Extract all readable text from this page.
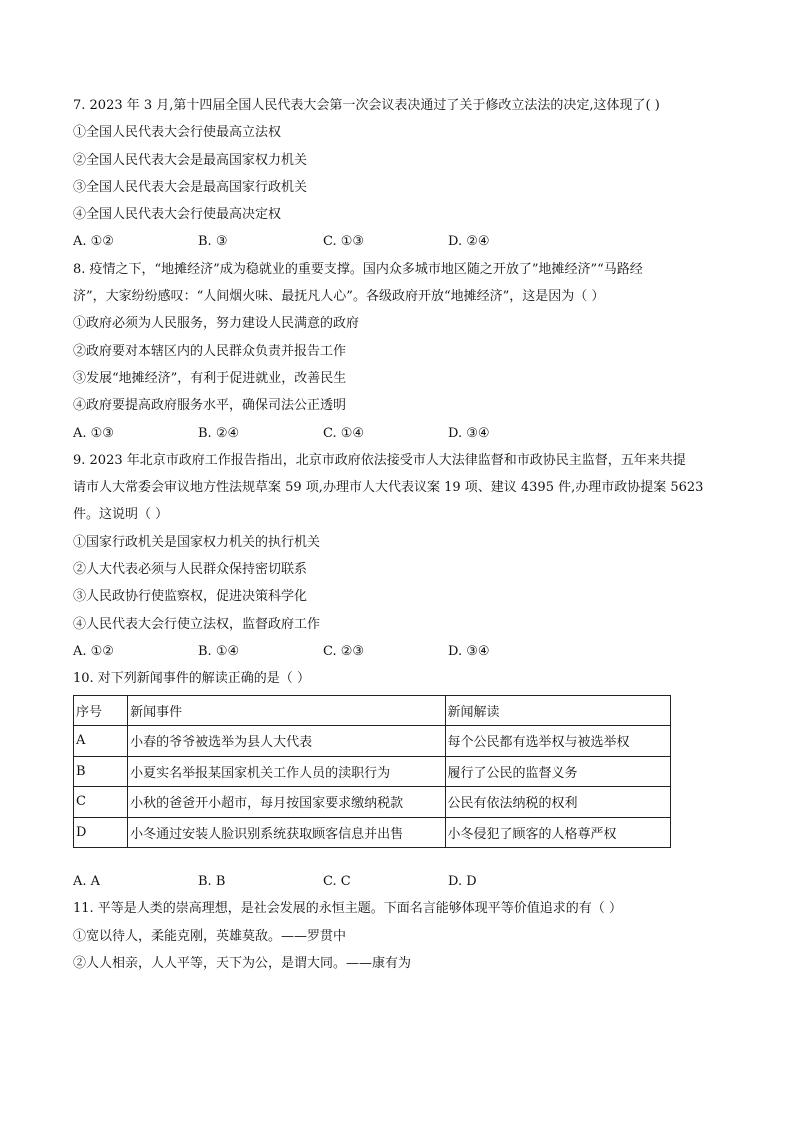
7. 2023 年 3 月,第十四届全国人民代表大会第一次会议表决通过了关于修改立法法的决定,这体现了( )
①全国人民代表大会行使最高立法权
②全国人民代表大会是最高国家权力机关
③全国人民代表大会是最高国家行政机关
④全国人民代表大会行使最高决定权
A. ①②	B. ③	C. ①③	D. ②④
8. 疫情之下，“地摊经济”成为稳就业的重要支撑。国内众多城市地区随之开放了”地摊经济”“马路经
济”，大家纷纷感叹：“人间烟火味、最抚凡人心”。各级政府开放“地摊经济”，这是因为（ ）
①政府必须为人民服务，努力建设人民满意的政府
②政府要对本辖区内的人民群众负责并报告工作
③发展“地摊经济”，有利于促进就业，改善民生
④政府要提高政府服务水平，确保司法公正透明
A. ①③	B. ②④	C. ①④	D. ③④
9. 2023 年北京市政府工作报告指出，北京市政府依法接受市人大法律监督和市政协民主监督，五年来共提
请市人大常委会审议地方性法规草案 59 项,办理市人大代表议案 19 项、建议 4395 件,办理市政协提案 5623
件。这说明（ ）
①国家行政机关是国家权力机关的执行机关
②人大代表必须与人民群众保持密切联系
③人民政协行使监察权，促进决策科学化
④人民代表大会行使立法权，监督政府工作
A. ①②	B. ①④	C. ②③	D. ③④
10. 对下列新闻事件的解读正确的是（ ）
序号	新闻事件	新闻解读
A	小春的爷爷被选举为县人大代表	每个公民都有选举权与被选举权
B	小夏实名举报某国家机关工作人员的渎职行为	履行了公民的监督义务
C	小秋的爸爸开小超市，每月按国家要求缴纳税款	公民有依法纳税的权利
D	小冬通过安装人脸识别系统获取顾客信息并出售	小冬侵犯了顾客的人格尊严权
A. A	B. B	C. C	D. D
11. 平等是人类的崇高理想，是社会发展的永恒主题。下面名言能够体现平等价值追求的有（ ）
①宽以待人，柔能克刚，英雄莫敌。——罗贯中
②人人相亲，人人平等，天下为公，是谓大同。——康有为
